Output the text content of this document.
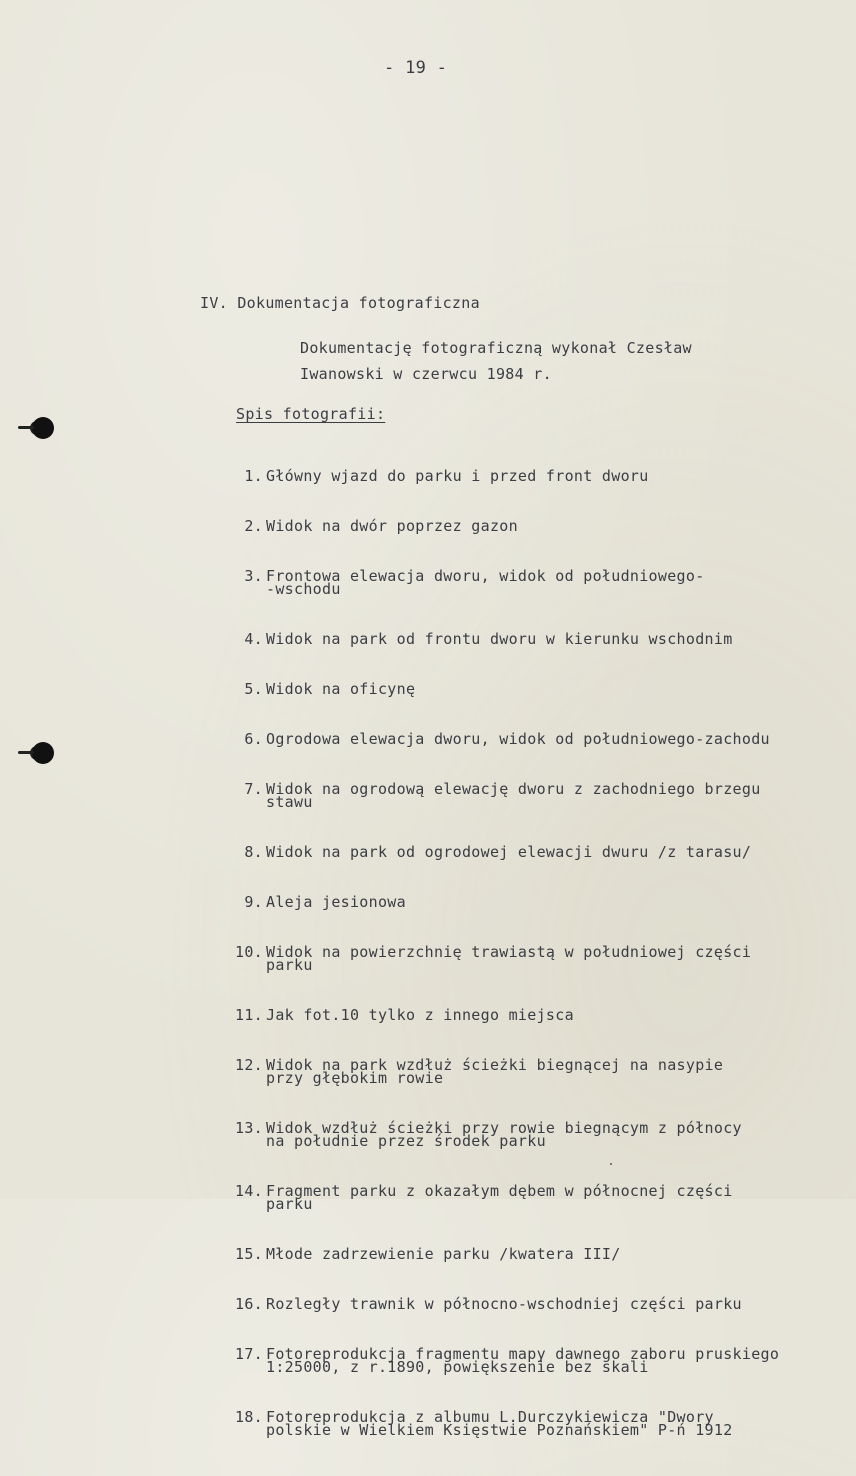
- 19 -
IV. Dokumentacja fotograficzna
Dokumentację fotograficzną wykonał Czesław
Iwanowski w czerwcu 1984 r.
Spis fotografii:

1. Główny wjazd do parku i przed front dworu

2. Widok na dwór poprzez gazon

3. Frontowa elewacja dworu, widok od południowego-
-wschodu

4. Widok na park od frontu dworu w kierunku wschodnim

5. Widok na oficynę

6. Ogrodowa elewacja dworu, widok od południowego-zachodu

7. Widok na ogrodową elewację dworu z zachodniego brzegu
stawu

8. Widok na park od ogrodowej elewacji dwuru /z tarasu/

9. Aleja jesionowa

10. Widok na powierzchnię trawiastą w południowej części
parku

11. Jak fot.10 tylko z innego miejsca

12. Widok na park wzdłuż ścieżki biegnącej na nasypie
przy głębokim rowie

13. Widok wzdłuż ścieżki przy rowie biegnącym z północy
na południe przez środek parku

14. Fragment parku z okazałym dębem w północnej części
parku

15. Młode zadrzewienie parku /kwatera III/

16. Rozległy trawnik w północno-wschodniej części parku

17. Fotoreprodukcja fragmentu mapy dawnego zaboru pruskiego
1:25000, z r.1890, powiększenie bez skali

18. Fotoreprodukcja z albumu L.Durczykiewicza "Dwory
polskie w Wielkiem Księstwie Poznańskiem" P-ń 1912
